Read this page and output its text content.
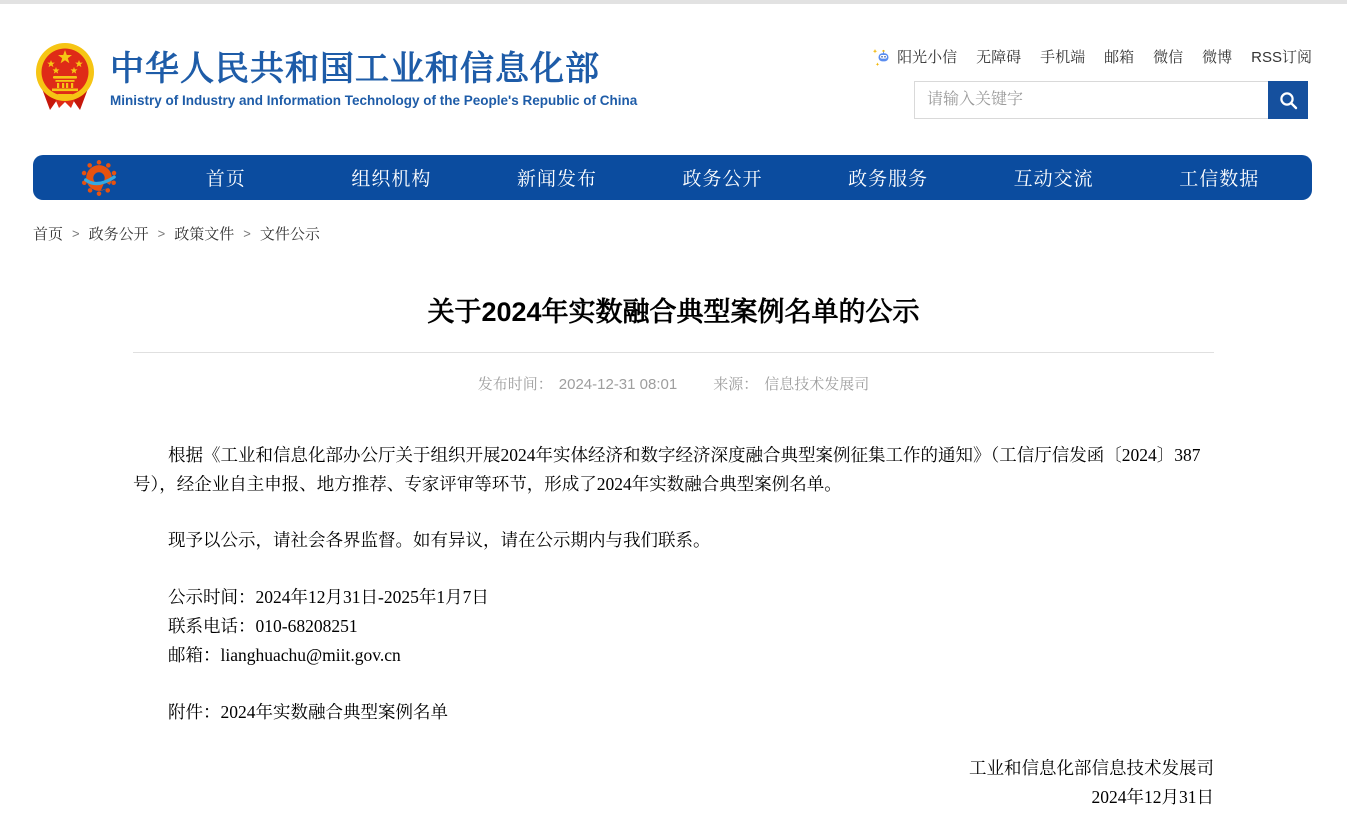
中华人民共和国工业和信息化部
Ministry of Industry and Information Technology of the People's Republic of China
阳光小信 无障碍 手机端 邮箱 微信 微博 RSS订阅
请输入关键字
首页	组织机构	新闻发布	政务公开	政务服务	互动交流	工信数据
首页 > 政务公开 > 政策文件 > 文件公示
关于2024年实数融合典型案例名单的公示
发布时间： 2024-12-31 08:01 来源： 信息技术发展司

根据《工业和信息化部办公厅关于组织开展2024年实体经济和数字经济深度融合典型案例征集工作的通知》（工信厅信发函〔2024〕387号），经企业自主申报、地方推荐、专家评审等环节，形成了2024年实数融合典型案例名单。

现予以公示，请社会各界监督。如有异议，请在公示期内与我们联系。

公示时间：2024年12月31日-2025年1月7日
联系电话：010-68208251
邮箱：lianghuachu@miit.gov.cn
附件：2024年实数融合典型案例名单
工业和信息化部信息技术发展司
2024年12月31日
